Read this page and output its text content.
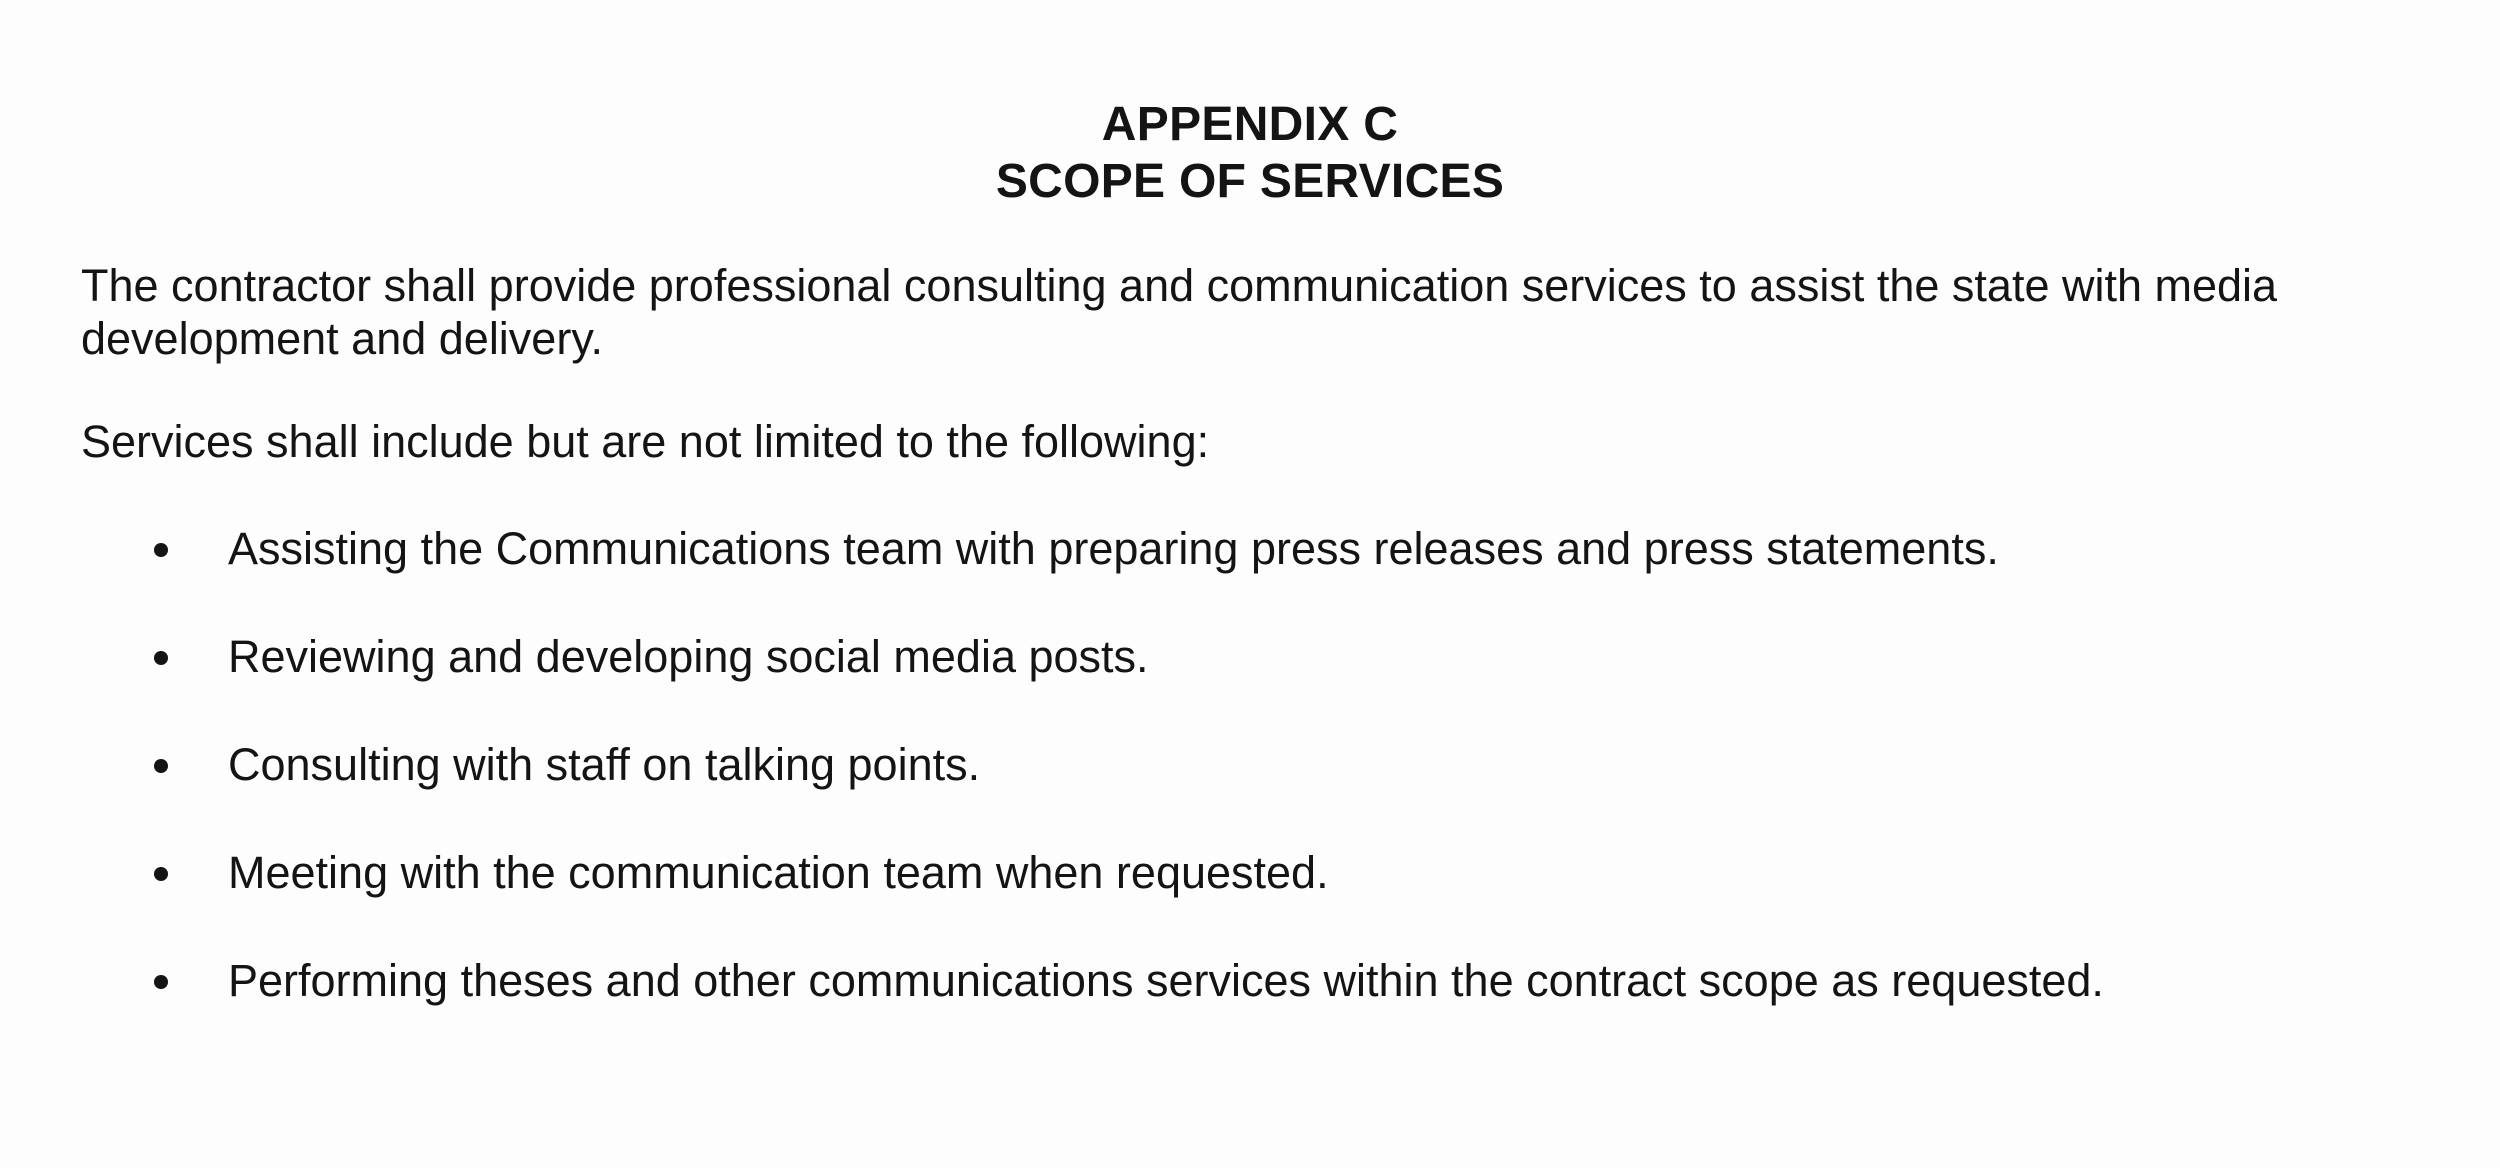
APPENDIX C
SCOPE OF SERVICES

The contractor shall provide professional consulting and communication services to assist the state with media
development and delivery.

Services shall include but are not limited to the following:

Assisting the Communications team with preparing press releases and press statements.
Reviewing and developing social media posts.
Consulting with staff on talking points.
Meeting with the communication team when requested.
Performing theses and other communications services within the contract scope as requested.
